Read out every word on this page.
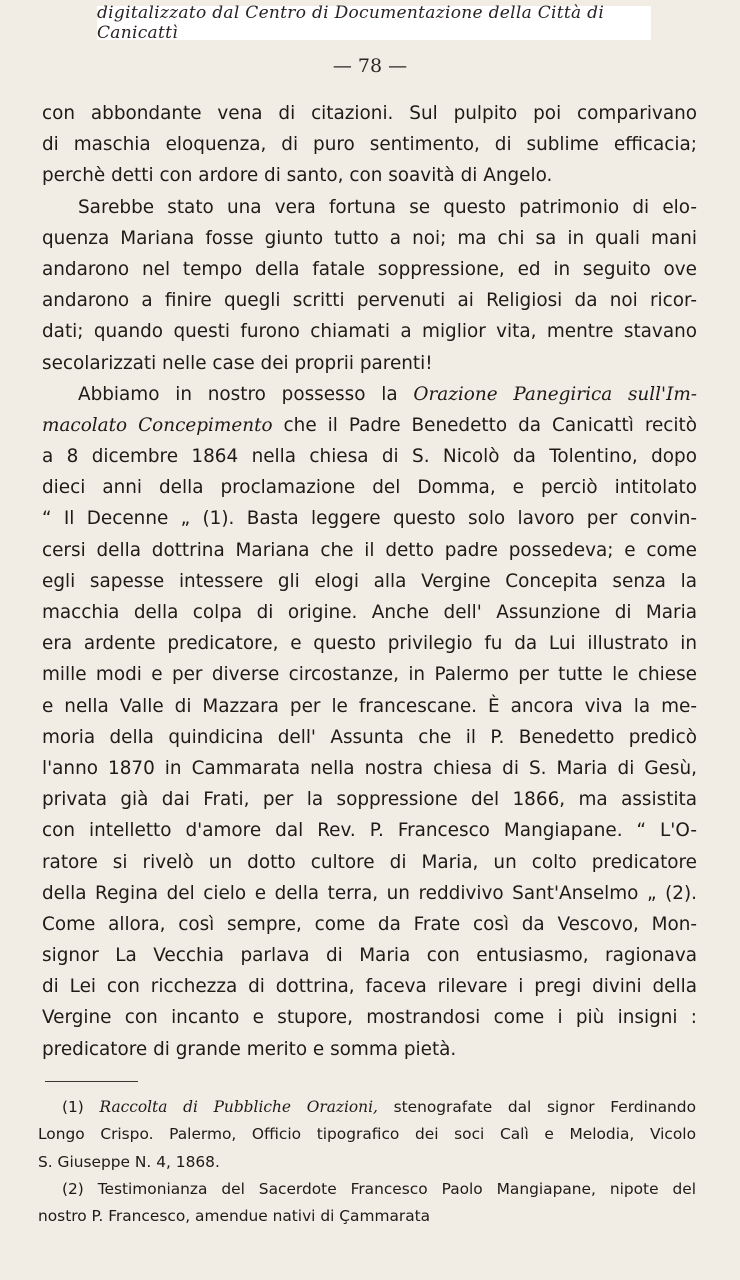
digitalizzato dal Centro di Documentazione della Città di Canicattì
— 78 —
con abbondante vena di citazioni. Sul pulpito poi comparivano
di maschia eloquenza, di puro sentimento, di sublime efficacia;
perchè detti con ardore di santo, con soavità di Angelo.
Sarebbe stato una vera fortuna se questo patrimonio di elo-
quenza Mariana fosse giunto tutto a noi; ma chi sa in quali mani
andarono nel tempo della fatale soppressione, ed in seguito ove
andarono a finire quegli scritti pervenuti ai Religiosi da noi ricor-
dati; quando questi furono chiamati a miglior vita, mentre stavano
secolarizzati nelle case dei proprii parenti!
Abbiamo in nostro possesso la Orazione Panegirica sull'Im-
macolato Concepimento che il Padre Benedetto da Canicattì recitò
a 8 dicembre 1864 nella chiesa di S. Nicolò da Tolentino, dopo
dieci anni della proclamazione del Domma, e perciò intitolato
“ Il Decenne „ (1). Basta leggere questo solo lavoro per convin-
cersi della dottrina Mariana che il detto padre possedeva; e come
egli sapesse intessere gli elogi alla Vergine Concepita senza la
macchia della colpa di origine. Anche dell' Assunzione di Maria
era ardente predicatore, e questo privilegio fu da Lui illustrato in
mille modi e per diverse circostanze, in Palermo per tutte le chiese
e nella Valle di Mazzara per le francescane. È ancora viva la me-
moria della quindicina dell' Assunta che il P. Benedetto predicò
l'anno 1870 in Cammarata nella nostra chiesa di S. Maria di Gesù,
privata già dai Frati, per la soppressione del 1866, ma assistita
con intelletto d'amore dal Rev. P. Francesco Mangiapane. “ L'O-
ratore si rivelò un dotto cultore di Maria, un colto predicatore
della Regina del cielo e della terra, un reddivivo Sant'Anselmo „ (2).
Come allora, così sempre, come da Frate così da Vescovo, Mon-
signor La Vecchia parlava di Maria con entusiasmo, ragionava
di Lei con ricchezza di dottrina, faceva rilevare i pregi divini della
Vergine con incanto e stupore, mostrandosi come i più insigni :
predicatore di grande merito e somma pietà.
(1) Raccolta di Pubbliche Orazioni, stenografate dal signor Ferdinando
Longo Crispo. Palermo, Officio tipografico dei soci Calì e Melodia, Vicolo
S. Giuseppe N. 4, 1868.
(2) Testimonianza del Sacerdote Francesco Paolo Mangiapane, nipote del
nostro P. Francesco, amendue nativi di Çammarata
